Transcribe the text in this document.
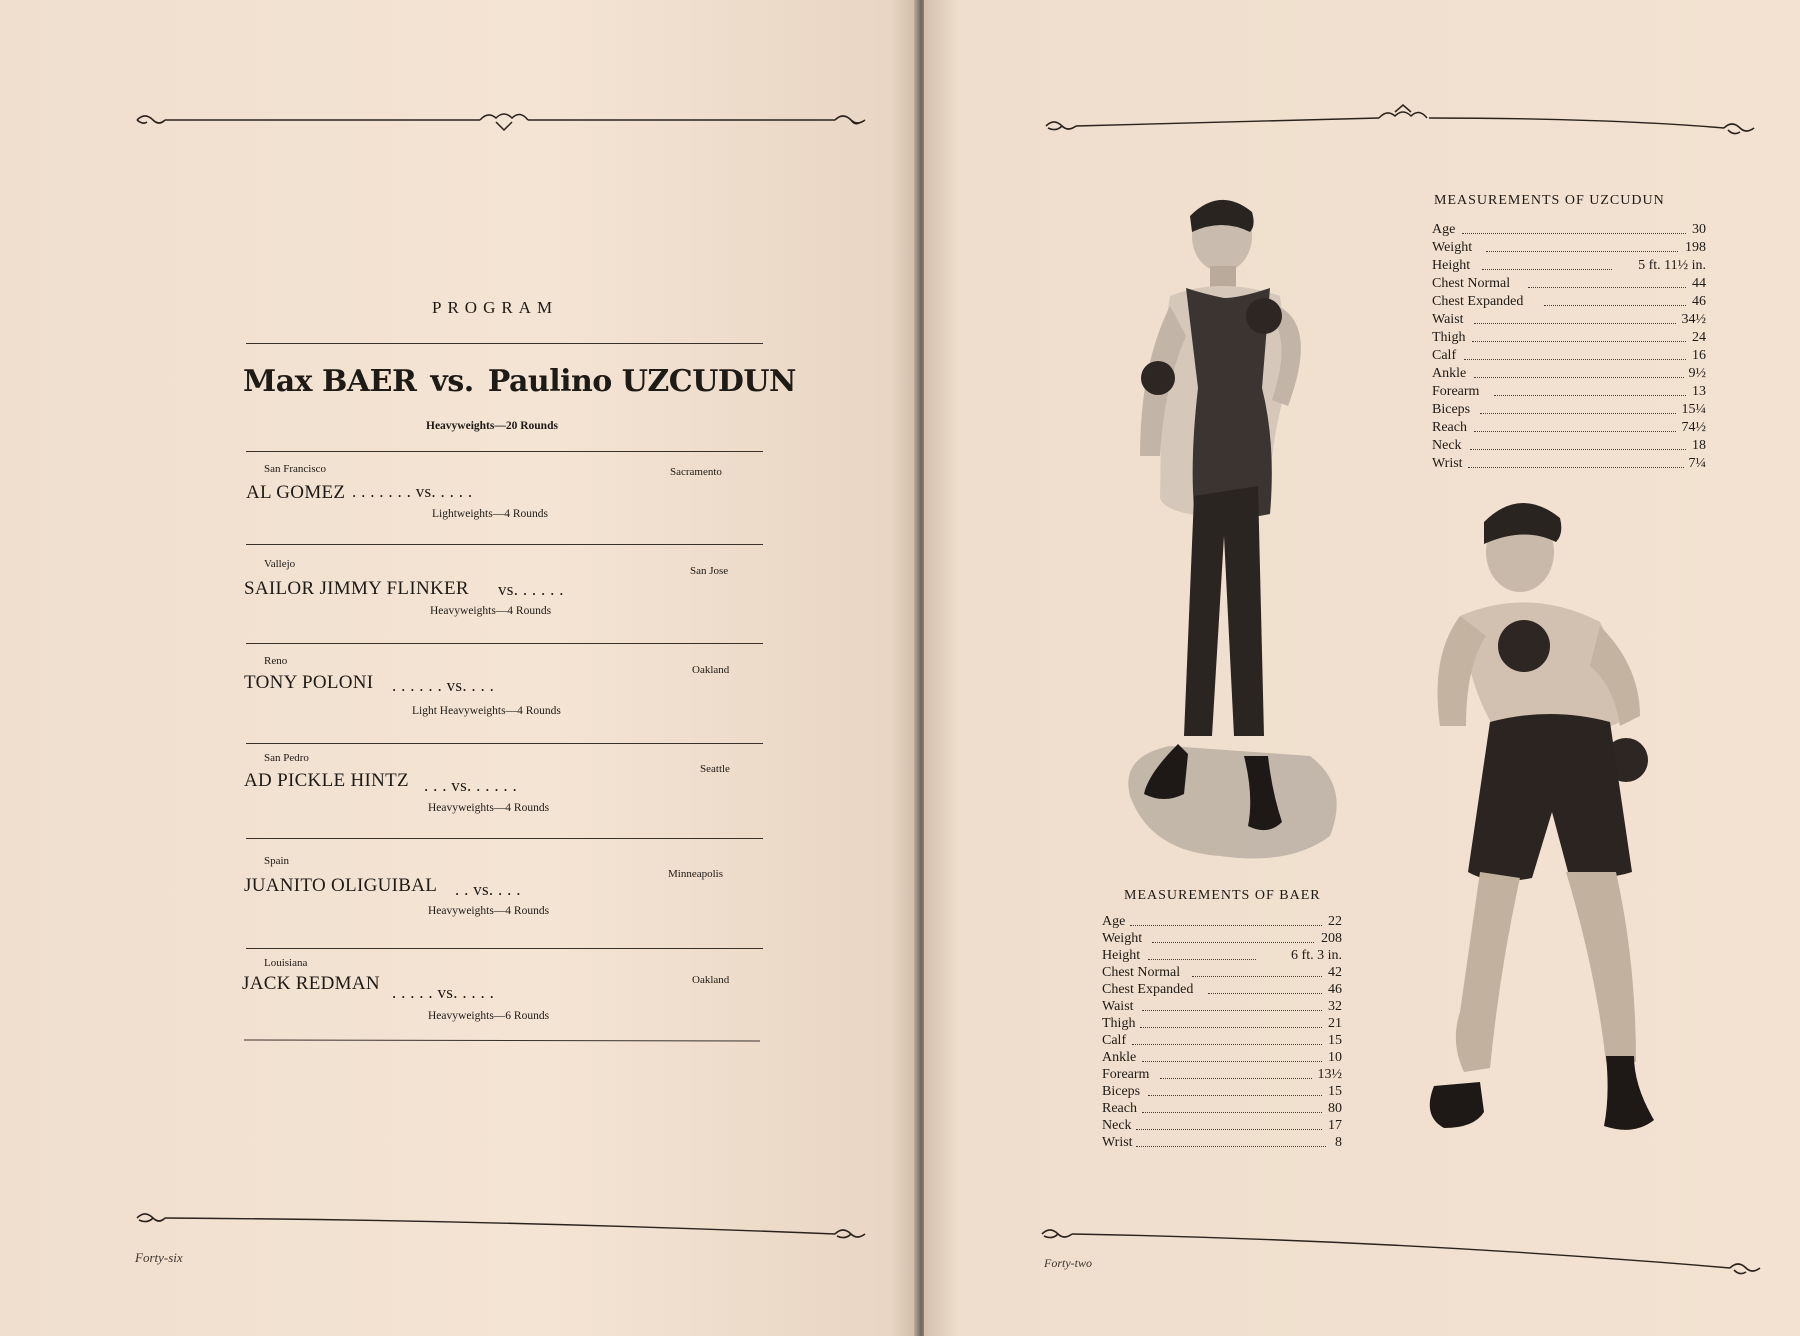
PROGRAM
Max BAER vs. Paulino UZCUDUN
Heavyweights—20 Rounds
San Francisco	Sacramento
AL GOMEZ . . . . . . . vs. . . . .
Lightweights—4 Rounds
Vallejo
San Jose
SAILOR JIMMY FLINKER vs. . . . . .
Heavyweights—4 Rounds
Reno
Oakland
TONY POLONI . . . . . . vs. . . .
Light Heavyweights—4 Rounds
San Pedro
Seattle
AD PICKLE HINTZ . . . vs. . . . . .
Heavyweights—4 Rounds
Spain
Minneapolis
JUANITO OLIGUIBAL . . vs. . . .
Heavyweights—4 Rounds
Louisiana
Oakland
JACK REDMAN . . . . . vs. . . . .
Heavyweights—6 Rounds
Forty-six
MEASUREMENTS OF UZCUDUN
Age	30
Weight	198
Height	5 ft. 11½ in.
Chest Normal	44
Chest Expanded	46
Waist	34½
Thigh	24
Calf	16
Ankle	9½
Forearm	13
Biceps	15¼
Reach	74½
Neck	18
Wrist	7¼
MEASUREMENTS OF BAER
Age	22
Weight	208
Height	6 ft. 3 in.
Chest Normal	42
Chest Expanded	46
Waist	32
Thigh	21
Calf	15
Ankle	10
Forearm	13½
Biceps	15
Reach	80
Neck	17
Wrist	8
Forty-two
